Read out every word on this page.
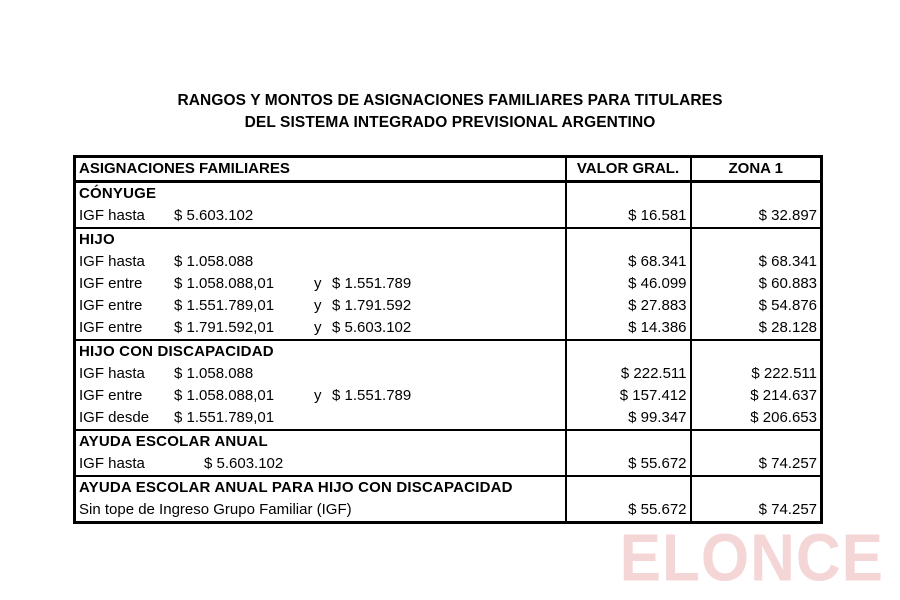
RANGOS Y MONTOS DE ASIGNACIONES FAMILIARES PARA TITULARES
DEL SISTEMA INTEGRADO PREVISIONAL ARGENTINO
ASIGNACIONES FAMILIARES	VALOR GRAL.	ZONA 1
CÓNYUGE		
IGF hasta $ 5.603.102	$ 16.581	$ 32.897
HIJO		
IGF hasta $ 1.058.088	$ 68.341	$ 68.341
IGF entre $ 1.058.088,01 y $ 1.551.789	$ 46.099	$ 60.883
IGF entre $ 1.551.789,01 y $ 1.791.592	$ 27.883	$ 54.876
IGF entre $ 1.791.592,01 y $ 5.603.102	$ 14.386	$ 28.128
HIJO CON DISCAPACIDAD		
IGF hasta $ 1.058.088	$ 222.511	$ 222.511
IGF entre $ 1.058.088,01 y $ 1.551.789	$ 157.412	$ 214.637
IGF desde $ 1.551.789,01	$ 99.347	$ 206.653
AYUDA ESCOLAR ANUAL		
IGF hasta $ 5.603.102	$ 55.672	$ 74.257
AYUDA ESCOLAR ANUAL PARA HIJO CON DISCAPACIDAD		
Sin tope de Ingreso Grupo Familiar (IGF)	$ 55.672	$ 74.257
ELONCE
